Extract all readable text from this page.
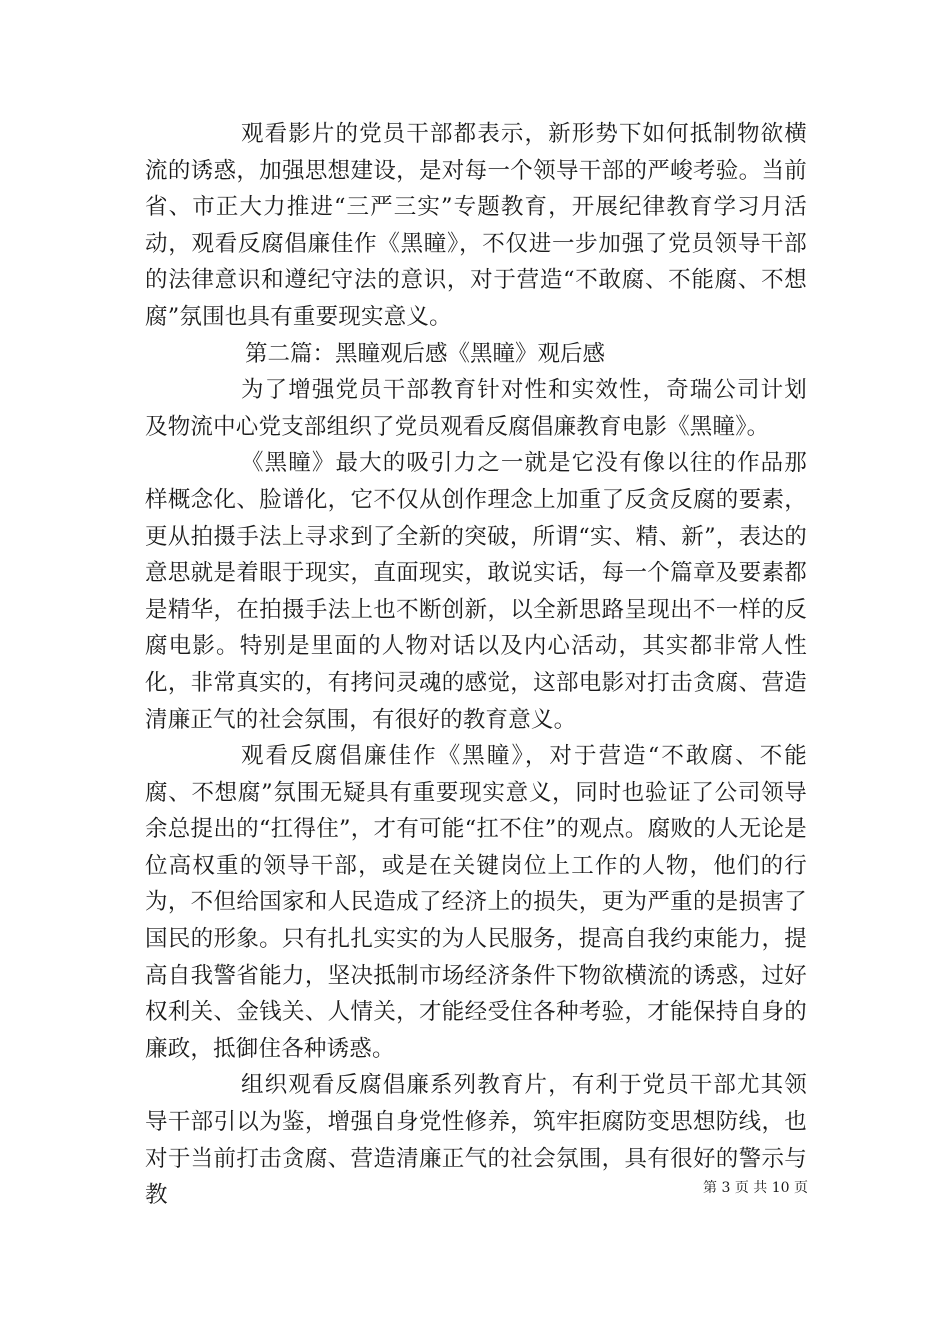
观看影片的党员干部都表示，新形势下如何抵制物欲横流的诱惑，加强思想建设，是对每一个领导干部的严峻考验。当前省、市正大力推进“三严三实”专题教育，开展纪律教育学习月活动，观看反腐倡廉佳作《黑瞳》，不仅进一步加强了党员领导干部的法律意识和遵纪守法的意识，对于营造“不敢腐、不能腐、不想腐”氛围也具有重要现实意义。

第二篇：黑瞳观后感《黑瞳》观后感

为了增强党员干部教育针对性和实效性，奇瑞公司计划及物流中心党支部组织了党员观看反腐倡廉教育电影《黑瞳》。

《黑瞳》最大的吸引力之一就是它没有像以往的作品那样概念化、脸谱化，它不仅从创作理念上加重了反贪反腐的要素，更从拍摄手法上寻求到了全新的突破，所谓“实、精、新”，表达的意思就是着眼于现实，直面现实，敢说实话，每一个篇章及要素都是精华，在拍摄手法上也不断创新，以全新思路呈现出不一样的反腐电影。特别是里面的人物对话以及内心活动，其实都非常人性化，非常真实的，有拷问灵魂的感觉，这部电影对打击贪腐、营造清廉正气的社会氛围，有很好的教育意义。

观看反腐倡廉佳作《黑瞳》，对于营造“不敢腐、不能腐、不想腐”氛围无疑具有重要现实意义，同时也验证了公司领导余总提出的“扛得住”，才有可能“扛不住”的观点。腐败的人无论是位高权重的领导干部，或是在关键岗位上工作的人物，他们的行为，不但给国家和人民造成了经济上的损失，更为严重的是损害了国民的形象。只有扎扎实实的为人民服务，提高自我约束能力，提高自我警省能力，坚决抵制市场经济条件下物欲横流的诱惑，过好权利关、金钱关、人情关，才能经受住各种考验，才能保持自身的廉政，抵御住各种诱惑。

组织观看反腐倡廉系列教育片，有利于党员干部尤其领导干部引以为鉴，增强自身党性修养，筑牢拒腐防变思想防线，也对于当前打击贪腐、营造清廉正气的社会氛围，具有很好的警示与教	第 3 页 共 10 页
